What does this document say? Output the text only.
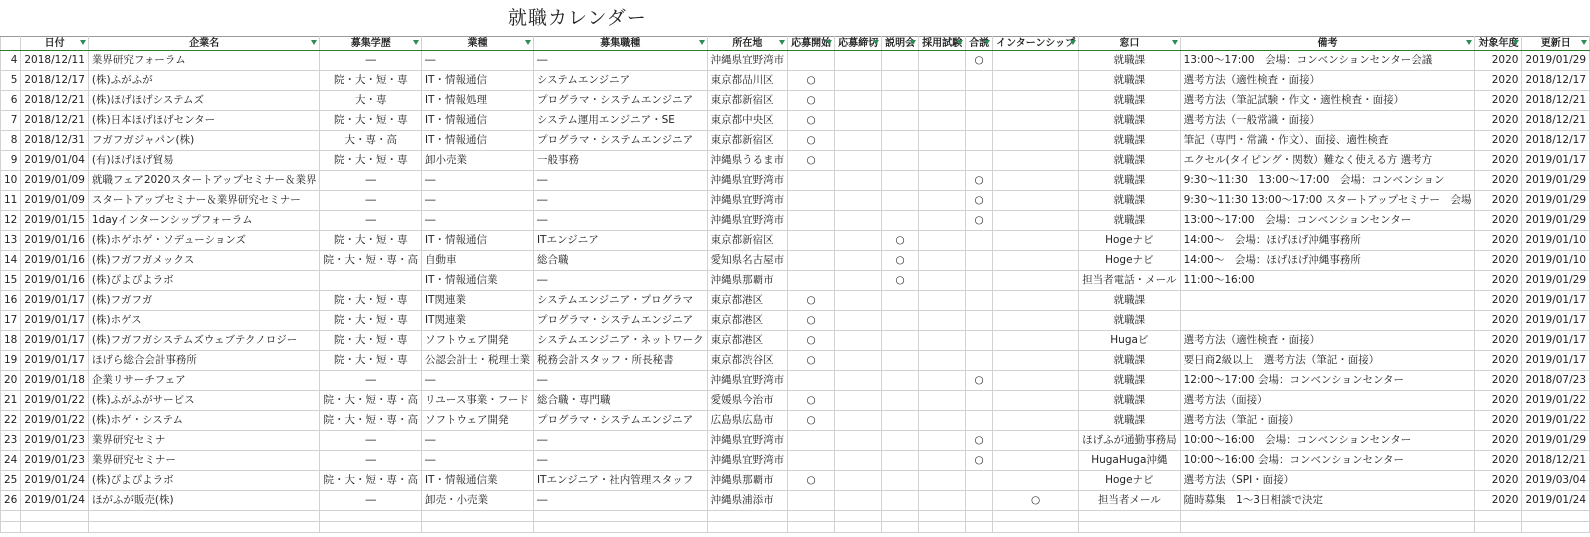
就職カレンダー
	日付	企業名	募集学歴	業種	募集職種	所在地	応募開始	応募締切	説明会	採用試験	合説	インターンシップ	窓口	備考	対象年度	更新日

4	2018/12/11	業界研究フォーラム	―	―	―	沖縄県宜野湾市					○		就職課	13:00〜17:00　会場：コンベンションセンター会議	2020	2019/01/29
5	2018/12/17	(株)ふがふが	院・大・短・専	IT・情報通信	システムエンジニア	東京都品川区	○						就職課	選考方法（適性検査・面接）	2020	2018/12/17
6	2018/12/21	(株)ほげほげシステムズ	大・専	IT・情報処理	プログラマ・システムエンジニア	東京都新宿区	○						就職課	選考方法（筆記試験・作文・適性検査・面接）	2020	2018/12/21
7	2018/12/21	(株)日本ほげほげセンター	院・大・短・専	IT・情報通信	システム運用エンジニア・SE	東京都中央区	○						就職課	選考方法（一般常識・面接）	2020	2018/12/21
8	2018/12/31	フガフガジャパン(株)	大・専・高	IT・情報通信	プログラマ・システムエンジニア	東京都新宿区	○						就職課	筆記（専門・常識・作文）、面接、適性検査	2020	2018/12/17
9	2019/01/04	(有)ほげほげ貿易	院・大・短・専	卸小売業	一般事務	沖縄県うるま市	○						就職課	エクセル(タイピング・関数）難なく使える方 選考方	2020	2019/01/17
10	2019/01/09	就職フェア2020スタートアップセミナー＆業界	―	―	―	沖縄県宜野湾市					○		就職課	9:30〜11:30　13:00〜17:00　会場：コンベンション	2020	2019/01/29
11	2019/01/09	スタートアップセミナー＆業界研究セミナー	―	―	―	沖縄県宜野湾市					○		就職課	9:30〜11:30 13:00〜17:00 スタートアップセミナー　会場	2020	2019/01/29
12	2019/01/15	1dayインターンシップフォーラム	―	―	―	沖縄県宜野湾市					○		就職課	13:00〜17:00　会場：コンベンションセンター	2020	2019/01/29
13	2019/01/16	(株)ホゲホゲ・ソデューションズ	院・大・短・専	IT・情報通信	ITエンジニア	東京都新宿区			○				Hogeナビ	14:00〜　会場：ほげほげ沖縄事務所	2020	2019/01/10
14	2019/01/16	(株)フガフガメックス	院・大・短・専・高	自動車	総合職	愛知県名古屋市			○				Hogeナビ	14:00〜　会場：ほげほげ沖縄事務所	2020	2019/01/10
15	2019/01/16	(株)ぴよぴよラボ		IT・情報通信業	―	沖縄県那覇市			○				担当者電話・メール	11:00〜16:00	2020	2019/01/29
16	2019/01/17	(株)フガフガ	院・大・短・専	IT関連業	システムエンジニア・プログラマ	東京都港区	○						就職課		2020	2019/01/17
17	2019/01/17	(株)ホゲス	院・大・短・専	IT関連業	プログラマ・システムエンジニア	東京都港区	○						就職課		2020	2019/01/17
18	2019/01/17	(株)フガフガシステムズウェブテクノロジー	院・大・短・専	ソフトウェア開発	システムエンジニア・ネットワーク	東京都港区	○						Hugaビ	選考方法（適性検査・面接）	2020	2019/01/17
19	2019/01/17	ほげら総合会計事務所	院・大・短・専	公認会計士・税理士業	税務会計スタッフ・所長秘書	東京都渋谷区	○						就職課	要日商2級以上　選考方法（筆記・面接）	2020	2019/01/17
20	2019/01/18	企業リサーチフェア	―	―	―	沖縄県宜野湾市					○		就職課	12:00〜17:00 会場：コンベンションセンター	2020	2018/07/23
21	2019/01/22	(株)ふがふがサービス	院・大・短・専・高	リユース事業・フード	総合職・専門職	愛媛県今治市	○						就職課	選考方法（面接）	2020	2019/01/22
22	2019/01/22	(株)ホゲ・システム	院・大・短・専・高	ソフトウェア開発	プログラマ・システムエンジニア	広島県広島市	○						就職課	選考方法（筆記・面接）	2020	2019/01/22
23	2019/01/23	業界研究セミナ	―	―	―	沖縄県宜野湾市					○		ほげふが通勤事務局	10:00〜16:00　会場：コンベンションセンター	2020	2019/01/29
24	2019/01/23	業界研究セミナー	―	―	―	沖縄県宜野湾市					○		HugaHuga沖縄	10:00〜16:00 会場：コンベンションセンター	2020	2018/12/21
25	2019/01/24	(株)ぴよぴよラボ	院・大・短・専・高	IT・情報通信業	ITエンジニア・社内管理スタッフ	沖縄県那覇市	○						Hogeナビ	選考方法（SPI・面接）	2020	2019/03/04
26	2019/01/24	ほがふが販売(株)	―	卸売・小売業	―	沖縄県浦添市						○	担当者メール	随時募集　1〜3日相談で決定	2020	2019/01/24
